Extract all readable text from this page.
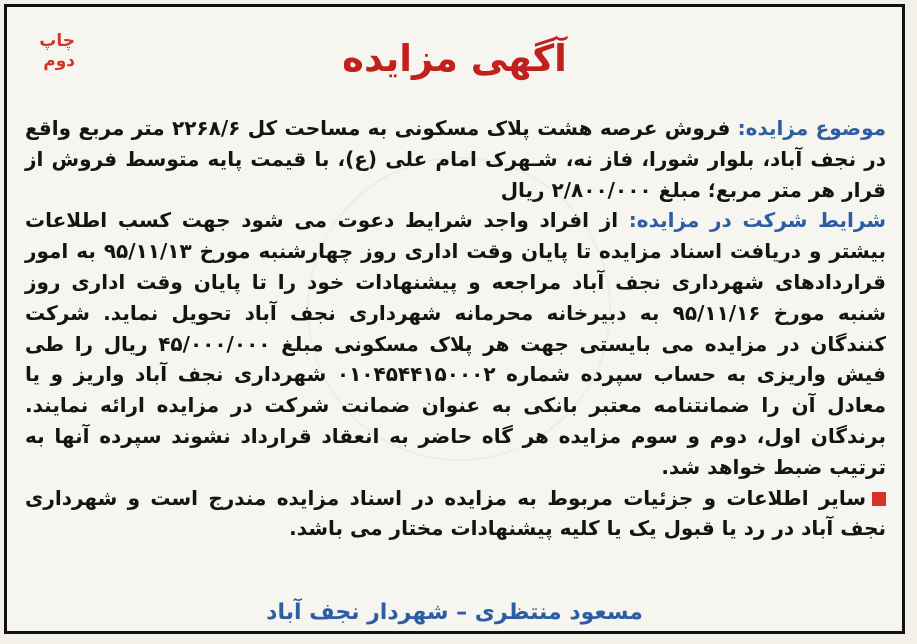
چاپ دوم	آگهی مزایده

موضوع مزایده: فروش عرصه هشت پلاک مسکونی به مساحت کل ۲۲۶۸/۶ متر مربع واقع در نجف آباد، بلوار شورا، فاز نه، شـهرک امام علی (ع)، با قیمت پایه متوسط فروش از قرار هر متر مربع؛ مبلغ ۲/۸۰۰/۰۰۰ ریال

شرایط شرکت در مزایده: از افراد واجد شرایط دعوت می شود جهت کسب اطلاعات بیشتر و دریافت اسناد مزایده تا پایان وقت اداری روز چهارشنبه مورخ ۹۵/۱۱/۱۳ به امور قراردادهای شهرداری نجف آباد مراجعه و پیشنهادات خود را تا پایان وقت اداری روز شنبه مورخ ۹۵/۱۱/۱۶ به دبیرخانه محرمانه شهرداری نجف آباد تحویل نماید. شرکت کنندگان در مزایده می بایستی جهت هر پلاک مسکونی مبلغ ۴۵/۰۰۰/۰۰۰ ریال را طی فیش واریزی به حساب سپرده شماره ۰۱۰۴۵۴۴۱۵۰۰۰۲ شهرداری نجف آباد واریز و یا معادل آن را ضمانتنامه معتبر بانکی به عنوان ضمانت شرکت در مزایده ارائه نمایند. برندگان اول، دوم و سوم مزایده هر گاه حاضر به انعقاد قرارداد نشوند سپرده آنها به ترتیب ضبط خواهد شد.

سایر اطلاعات و جزئیات مربوط به مزایده در اسناد مزایده مندرج است و شهرداری نجف آباد در رد یا قبول یک یا کلیه پیشنهادات مختار می باشد.

مسعود منتظری – شهردار نجف آباد
